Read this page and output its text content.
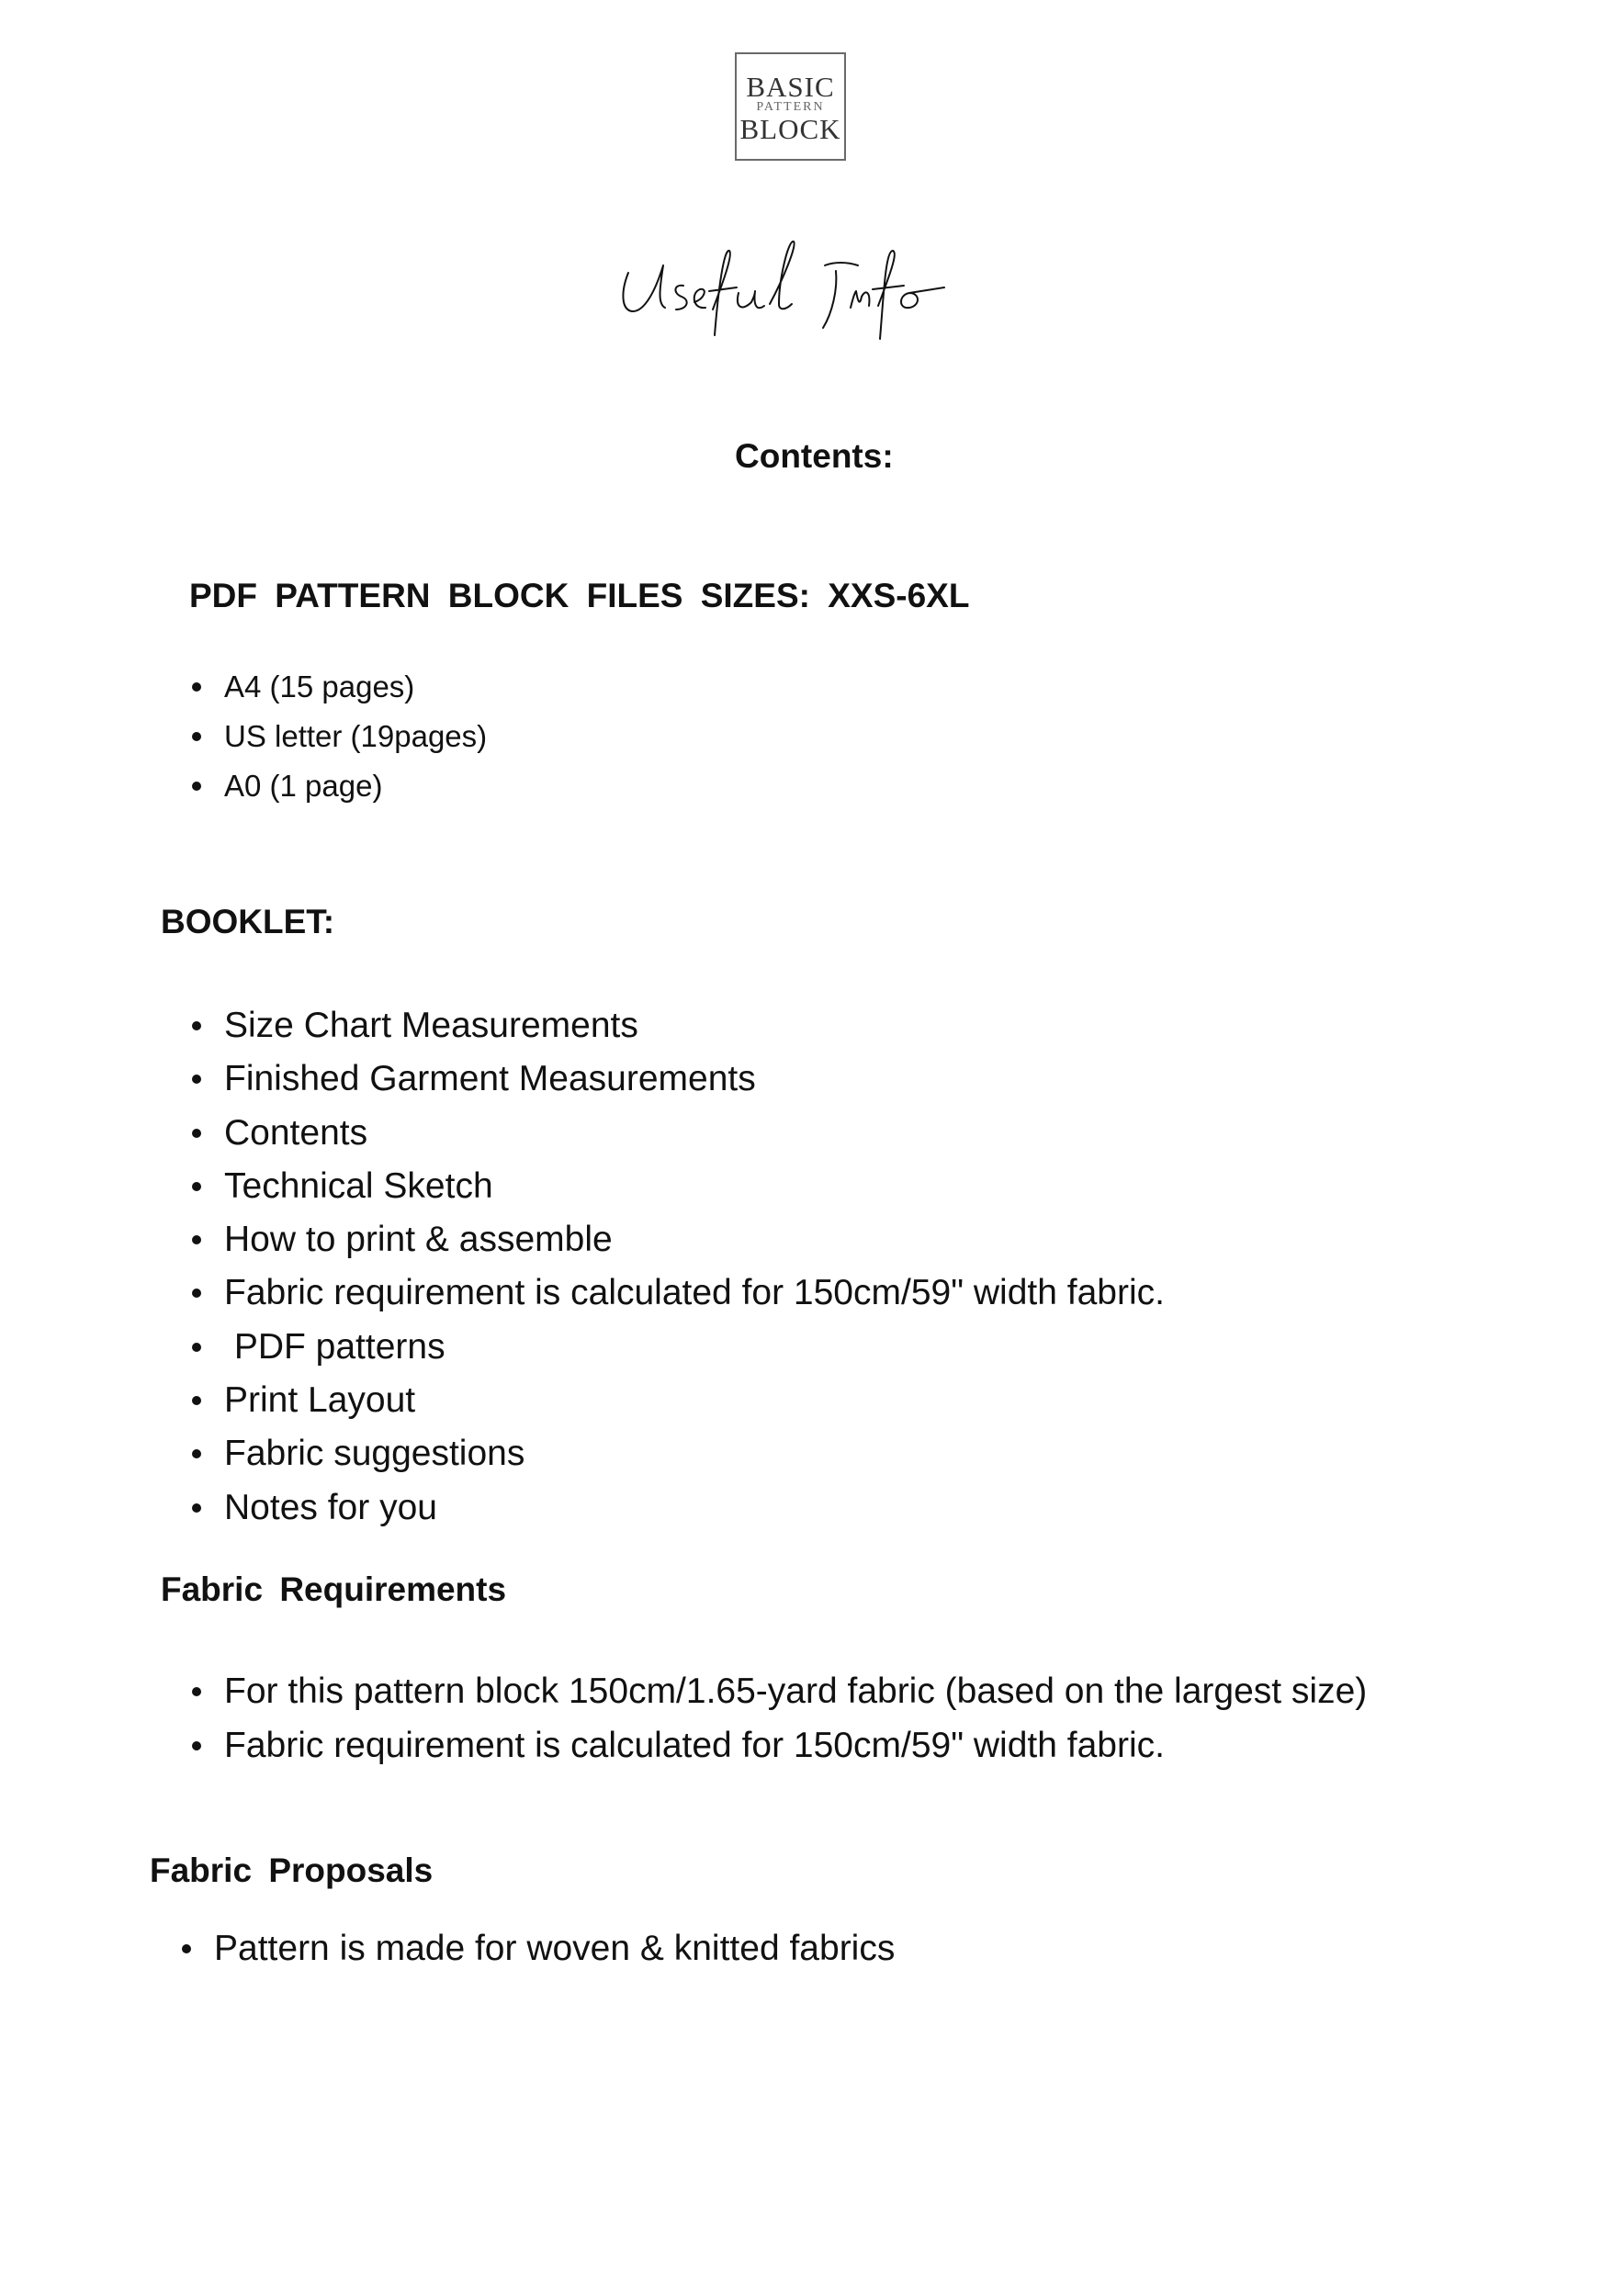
BASIC
PATTERN
BLOCK
Contents:
PDF PATTERN BLOCK FILES SIZES: XXS-6XL
A4 (15 pages)
US letter (19pages)
A0 (1 page)
BOOKLET:
Size Chart Measurements
Finished Garment Measurements
Contents
Technical Sketch
How to print & assemble
Fabric requirement is calculated for 150cm/59" width fabric.
PDF patterns
Print Layout
Fabric suggestions
Notes for you
Fabric Requirements
For this pattern block 150cm/1.65-yard fabric (based on the largest size)
Fabric requirement is calculated for 150cm/59" width fabric.
Fabric Proposals
Pattern is made for woven & knitted fabrics
